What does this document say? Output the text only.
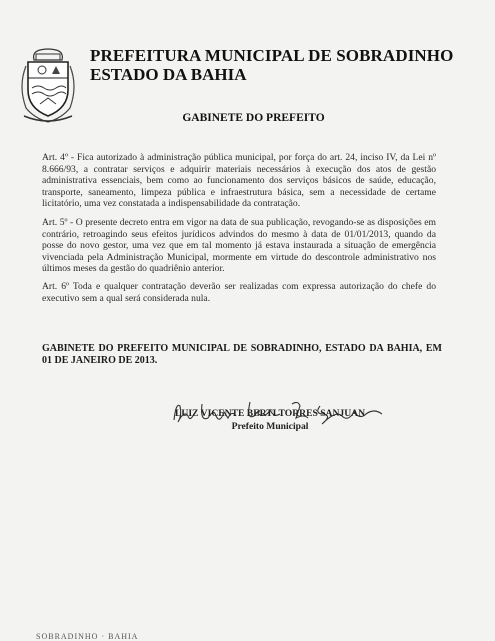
PREFEITURA MUNICIPAL DE SOBRADINHO
ESTADO DA BAHIA
GABINETE DO PREFEITO

Art. 4º - Fica autorizado à administração pública municipal, por força do art. 24, inciso IV, da Lei nº 8.666/93, a contratar serviços e adquirir materiais necessários à execução dos atos de gestão administrativa essenciais, bem como ao funcionamento dos serviços básicos de saúde, educação, transporte, saneamento, limpeza pública e infraestrutura básica, sem a necessidade de certame licitatório, uma vez constatada a indispensabilidade da contratação.

Art. 5º - O presente decreto entra em vigor na data de sua publicação, revogando-se as disposições em contrário, retroagindo seus efeitos jurídicos advindos do mesmo à data de 01/01/2013, quando da posse do novo gestor, uma vez que em tal momento já estava instaurada a situação de emergência vivenciada pela Administração Municipal, mormente em virtude do descontrole administrativo nos últimos meses da gestão do quadriênio anterior.

Art. 6º Toda e qualquer contratação deverão ser realizadas com expressa autorização do chefe do executivo sem a qual será considerada nula.

GABINETE DO PREFEITO MUNICIPAL DE SOBRADINHO, ESTADO DA BAHIA, EM 01 DE JANEIRO DE 2013.

LUIZ VICENTE BERTI TORRES SANJUAN
Prefeito Municipal
SOBRADINHO · BAHIA
